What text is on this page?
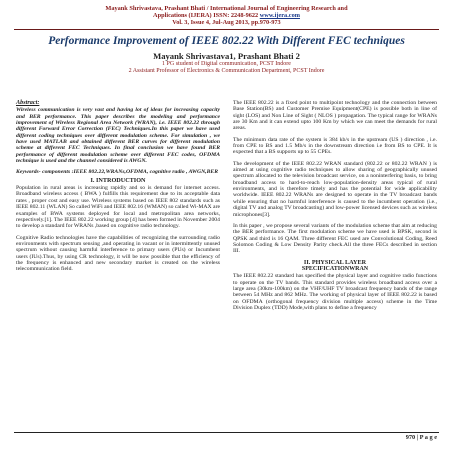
Mayank Shrivastava, Prashant Bhati / International Journal of Engineering Research and
Applications (IJERA) ISSN: 2248-9622 www.ijera.com
Vol. 3, Issue 4, Jul-Aug 2013, pp.970-973
Performance Improvement of IEEE 802.22 With Different FEC techniques
Mayank Shrivastava1, Prashant Bhati 2
1 PG student of Digital communication, PCST Indore
2 Assistant Professor of Electronics & Communication Department, PCST Indore
Abstract:
Wireless communication is very vast and having lot of ideas for increasing capacity and BER performance. This paper describes the modeling and performance improvement of Wireless Regional Area Network (WRAN), i.e. IEEE 802.22 through different Forward Error Correction (FEC) Techniques.In this paper we have used different coding techniques over different modulation scheme. For simulation , we have used MATLAB and obtained different BER curves for different modulation scheme at different FEC Techniques. In final conclusion we have found BER performance of different modulation scheme over different FEC codes, OFDMA technique is used and the channel considered is AWGN.
Keywords- components :IEEE 802.22,WRANs,OFDMA, cognitive radio , AWGN,BER
I. INTRODUCTION

Population in rural areas is increasing rapidly and so is demand for internet access. Broadband wireless access ( BWA ) fulfills this requirement due to its acceptable data rates , proper cost and easy use. Wireless systems based on IEEE 802 standards such as IEEE 802.11 (WLAN) So called WiFi and IEEE 802.16 (WMAN) so called Wi-MAX are examples of BWA systems deployed for local and metropolitan area networks, respectively.[1]. The IEEE 802.22 working group [4] has been formed in November 2004 to develop a standard for WRANs ,based on cognitive radio technology.

Cognitive Radio technologies have the capabilities of recognizing the surrounding radio environments with spectrum sensing ,and operating in vacant or in intermittently unused spectrum without causing harmful interference to primary users (PUs) or Incumbent users (IUs).Thus, by using CR technology, it will be now possible that the efficiency of the frequency is enhanced and new secondary market is created on the wireless telecommunication field.

The IEEE 802.22 is a fixed point to multipoint technology and the connection between Base Station(BS) and Customer Premise Equipment(CPE) is possible both in line of sight (LOS) and Non Line of Sight ( NLOS ) propagation. The typical range for WRANs are 30 Km and it can extend upto 100 Km by which we can meet the demands for rural areas.

The minimum data rate of the system is 384 kb/s in the upstream (US ) direction , i.e. from CPE to BS and 1.5 Mb/s in the downstream direction i.e from BS to CPE. It is expected that a BS supports up to 55 CPEs.

The development of the IEEE 802.22 WRAN standard (802.22 or 802.22 WRAN ) is aimed at using cognitive radio techniques to allow sharing of geographically unused spectrum allocated to the television broadcast service, on a noninterfering basis, to bring broadband access to hard-to-reach low-population-density areas typical of rural environments, and is therefore timely and has the potential for wide applicability worldwide. IEEE 802.22 WRANs are designed to operate in the TV broadcast bands while ensuring that no harmful interference is caused to the incumbent operation (i.e., digital TV and analog TV broadcasting) and low-power licensed devices such as wireless microphones[3].

In this paper , we propose several variants of the modulation scheme that aim at reducing the BER performance. The first modulation scheme we have used is BPSK, second is QPSK and third is 16 QAM. Three different FEC used are Convolutional Coding, Reed Solomon Coding & Low Density Parity check.All the three FECs described in section III.

II. PHYSICAL LAYER
SPECIFICATIONWRAN

The IEEE 802.22 standard has specified the physical layer and cognitive radio functions to operate on the TV bands. This standard provides wireless broadband access over a large area (30km-100km) on the VHF/UHF TV broadcast frequency bands of the range between 54 MHz and 862 MHz. The working of physical layer of IEEE 802.22 is based on OFDMA (orthogonal frequency division multiple access) scheme in the Time Division Duplex (TDD) Mode,with plans to define a frequency

970 | P a g e
